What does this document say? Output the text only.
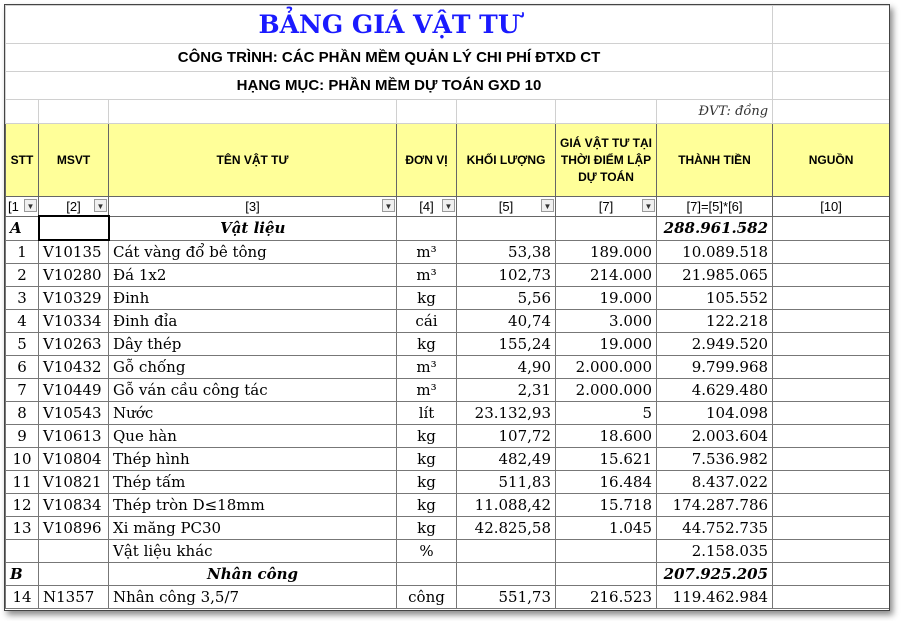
BẢNG GIÁ VẬT TƯ							
CÔNG TRÌNH: CÁC PHẦN MỀM QUẢN LÝ CHI PHÍ ĐTXD CT							
HẠNG MỤC: PHẦN MỀM DỰ TOÁN GXD 10							
						ĐVT: đồng	
STT	MSVT	TÊN VẬT TƯ	ĐƠN VỊ	KHỐI LƯỢNG	GIÁ VẬT TƯ TẠI THỜI ĐIỂM LẬP DỰ TOÁN	THÀNH TIỀN	NGUỒN
[1 ▼	[2] ▼	[3] ▼	[4] ▼	[5] ▼	[7] ▼	[7]=[5]*[6]	[10]
A		Vật liệu				288.961.582	
1	V10135	Cát vàng đổ bê tông	m³	53,38	189.000	10.089.518	
2	V10280	Đá 1x2	m³	102,73	214.000	21.985.065	
3	V10329	Đinh	kg	5,56	19.000	105.552	
4	V10334	Đinh đỉa	cái	40,74	3.000	122.218	
5	V10263	Dây thép	kg	155,24	19.000	2.949.520	
6	V10432	Gỗ chống	m³	4,90	2.000.000	9.799.968	
7	V10449	Gỗ ván cầu công tác	m³	2,31	2.000.000	4.629.480	
8	V10543	Nước	lít	23.132,93	5	104.098	
9	V10613	Que hàn	kg	107,72	18.600	2.003.604	
10	V10804	Thép hình	kg	482,49	15.621	7.536.982	
11	V10821	Thép tấm	kg	511,83	16.484	8.437.022	
12	V10834	Thép tròn D≤18mm	kg	11.088,42	15.718	174.287.786	
13	V10896	Xi măng PC30	kg	42.825,58	1.045	44.752.735	
		Vật liệu khác	%			2.158.035	
B		Nhân công				207.925.205	
14	N1357	Nhân công 3,5/7	công	551,73	216.523	119.462.984	
